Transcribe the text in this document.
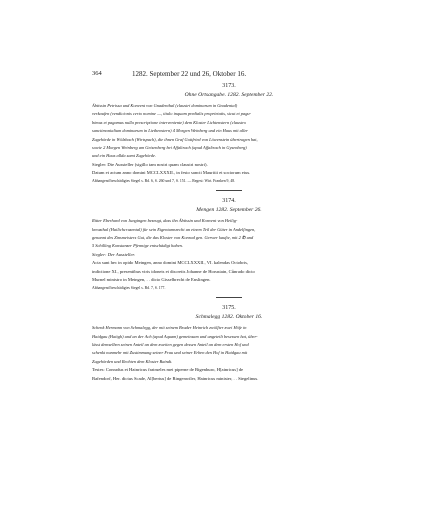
364	1282. September 22 und 26, Oktober 16.
3173.
Ohne Ortsangabe. 1282. September 22.
Äbtissin Petrissa und Konvent von Gnadenthal (claustri dominarum in Gnadental)
verkaufen (vendicionis certo nomine —, titulo inquam predialis proprietatis, sicut et pagu-
bimus et pagamus nulla prescriptione interveniente) dem Kloster Lichtenstern (claustro
sanctimonialium dominarum in Liethenstern) 4 Morgen Weinberg und ein Haus mit aller
Zugehörde in Wölzbach (Wirtspach), die ihnen Graf Gottfried von Löwenstein übertragen hat,
sowie 2 Morgen Weinberg am Geisenberg bei Affaltrach (apud Affaltrach in Gysenberg)
und ein Haus allda samt Zugehörde.
Siegler: Die Aussteller (sigillo tam nostri quam claustri nostri).
Datum et actum anno domini MCCLXXXII., in festo sancti Mauritii et sociorum eius.
Abhangend beschädigtes Siegel s. Bd. 6, S. 260 und 7, S. 151. — Regest: Wirt. Franken 9, 48.
3174.
Mengen 1282. September 26.
Ritter Eberhard von Jungingen bezeugt, dass ihn Äbtissin und Konvent von Heilig-
kreuzthal (Hailichcruzental) für sein Eigentumsrecht an einem Teil der Güter in Andelfingen,
genannt des Zinsmeisters Gut, die das Kloster von Konrad gen. Gerwer kaufte, mit 2 ℔ und
5 Schilling Konstanzer Pfennige entschädigt haben.
Siegler: Der Aussteller.
Acta sunt hec in opido Meingen, anno domini MCCLXXXII., VI. kalendas Octobris,
indictione XI., presentibus viris idoneis et discretis Johanne de Horustain, Cůnrado dicto
Murnel ministro in Meingen, . . dicto Gisselbrecht de Enslingen.
Abhangend beschädigtes Siegel s. Bd. 7, S. 177.
3175.
Schmalegg 1282. Oktober 16.
Schenk Hermann von Schmalegg, der mit seinem Bruder Heinrich zwölfter zwei Höfe in
Haidgau (Haitgh) und an der Ach (apud Aquam) gemeinsam und ungeteilt besessen hat, über-
lässt demselben seinen Anteil an dem zweiten gegen dessen Anteil an dem ersten Hof und
schenkt nunmehr mit Zustimmung seiner Frau und seiner Erben den Hof in Haidgau mit
Zugehörden und Rechten dem Kloster Baindt.
Testes: Conradus et Hainricus fratrueles mei piperne de Bigenburo, H[ainricus] de
Bafendorf, Her. dictus Scade, Al[bertus] de Ringenwiler, Hainricus minister, . . Stegelinus.
